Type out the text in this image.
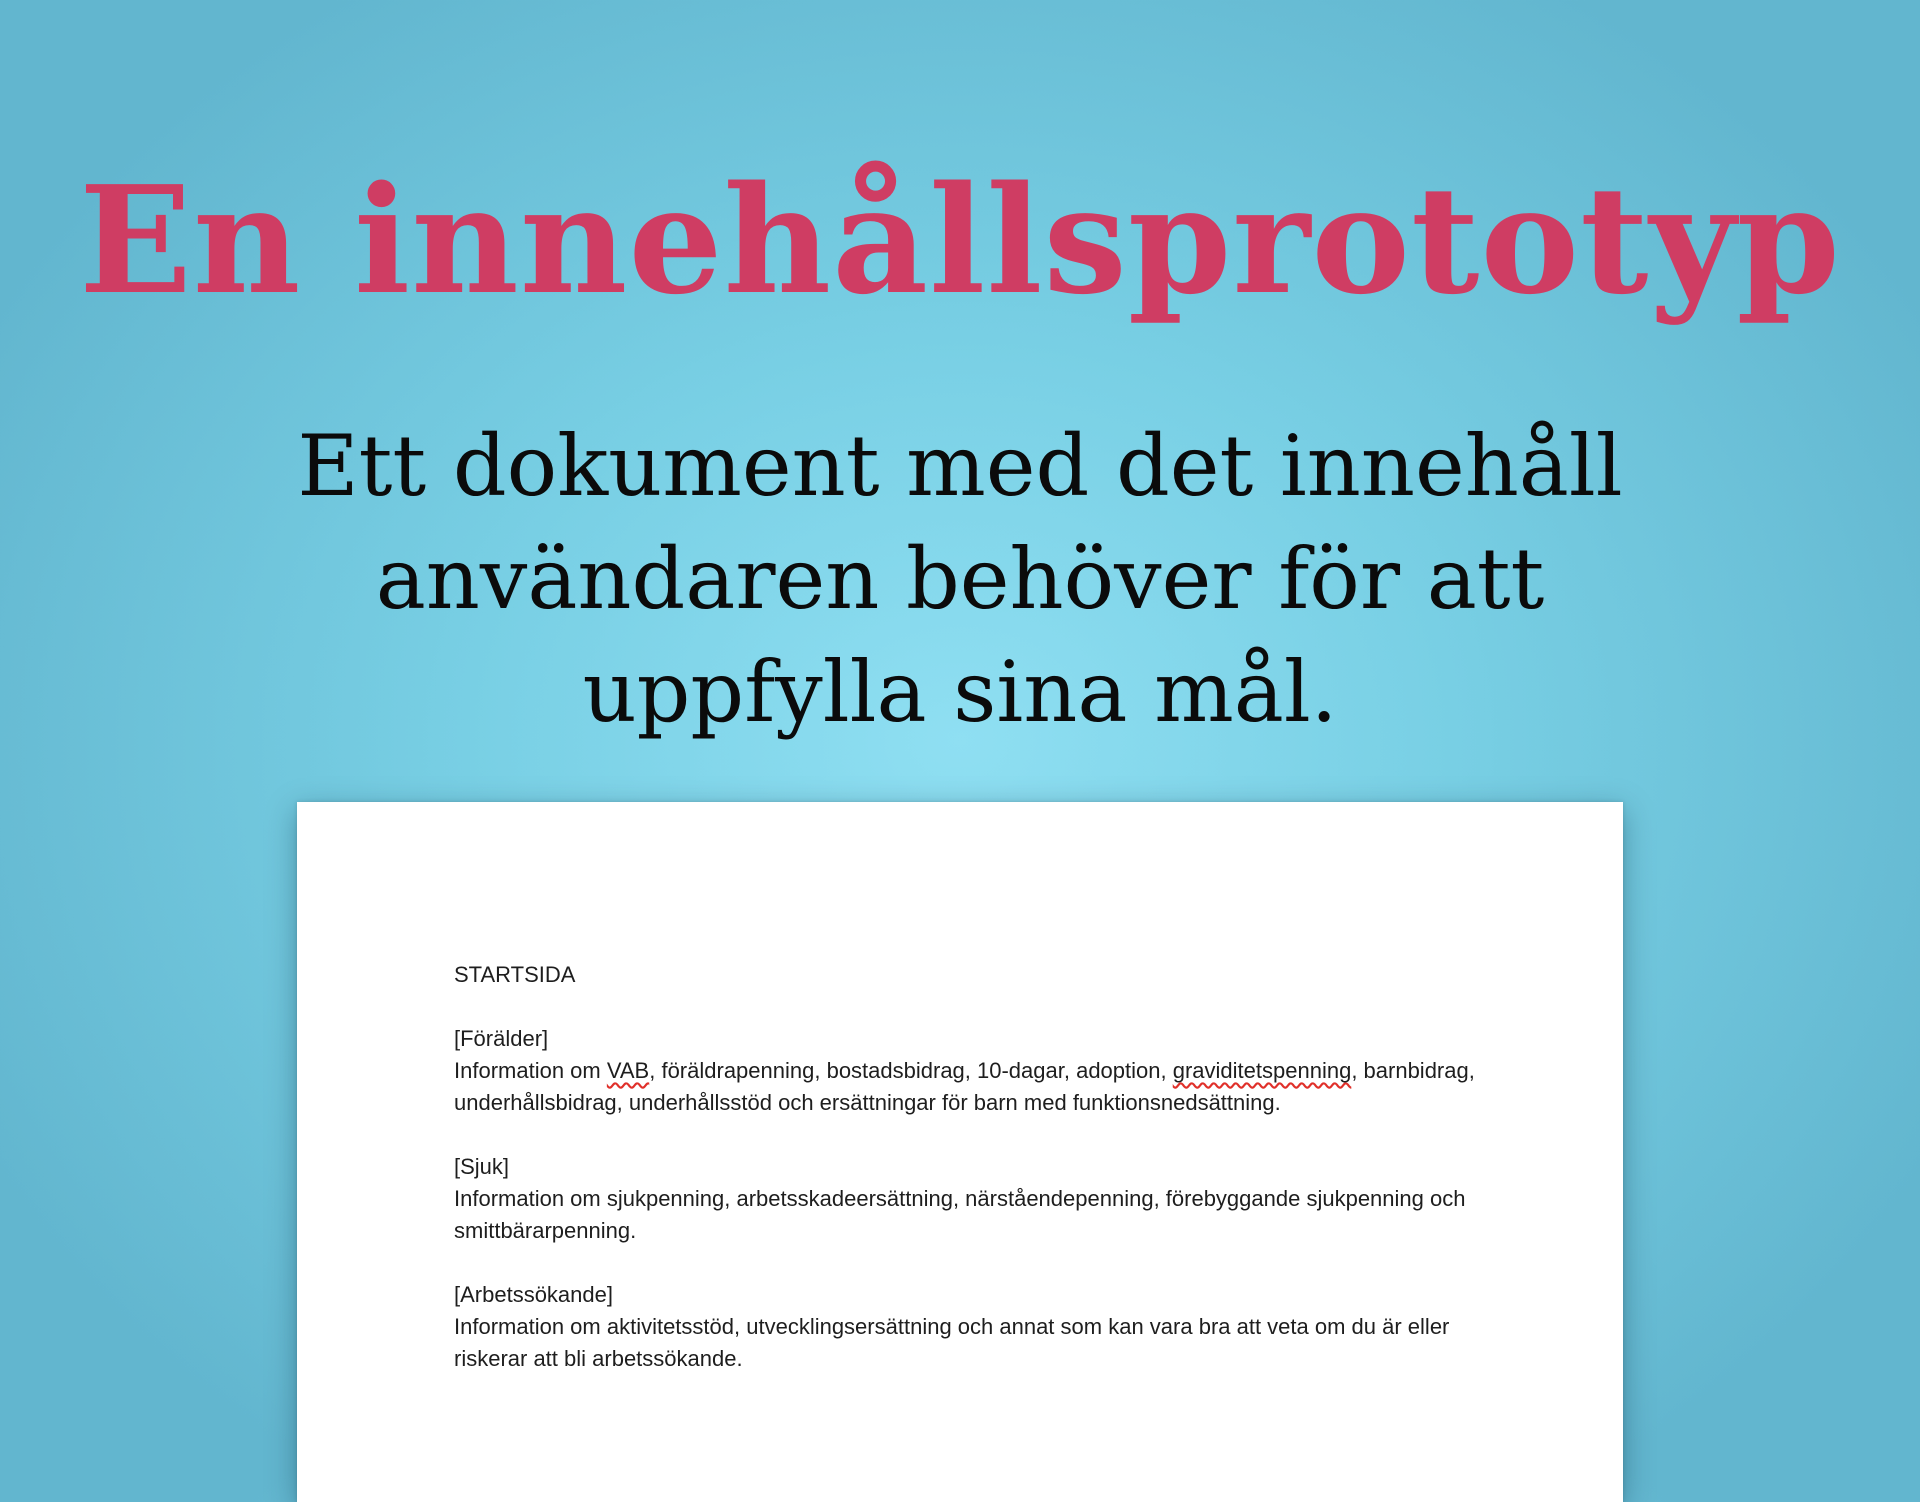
En innehållsprototyp

Ett dokument med det innehåll användaren behöver för att uppfylla sina mål.

STARTSIDA

[Förälder]
Information om VAB, föräldrapenning, bostadsbidrag, 10-dagar, adoption, graviditetspenning, barnbidrag, underhållsbidrag, underhållsstöd och ersättningar för barn med funktionsnedsättning.
[Sjuk]
Information om sjukpenning, arbetsskadeersättning, närståendepenning, förebyggande sjukpenning och smittbärarpenning.
[Arbetssökande]
Information om aktivitetsstöd, utvecklingsersättning och annat som kan vara bra att veta om du är eller riskerar att bli arbetssökande.
